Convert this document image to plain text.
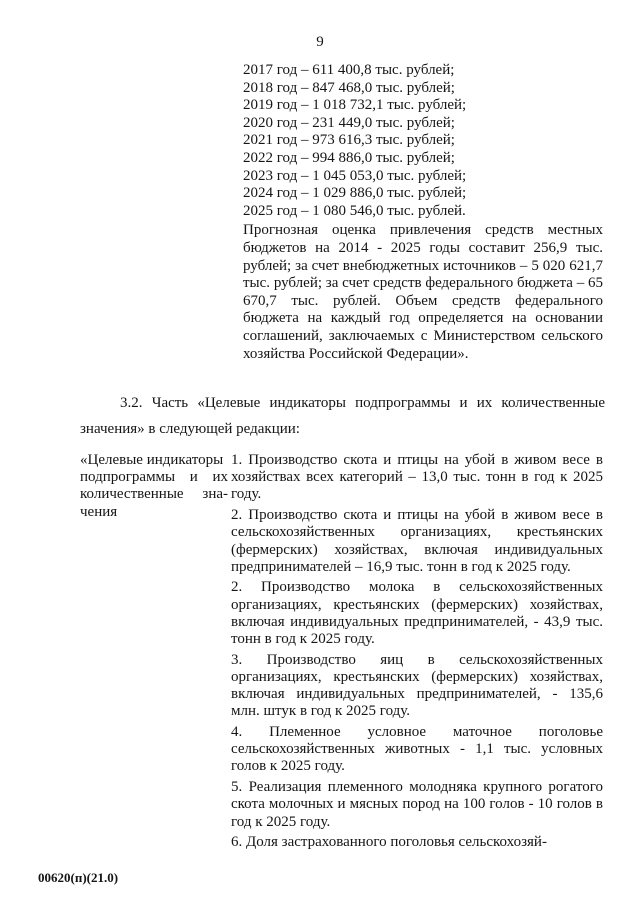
9
2017 год – 611 400,8 тыс. рублей;
2018 год – 847 468,0 тыс. рублей;
2019 год – 1 018 732,1 тыс. рублей;
2020 год – 231 449,0 тыс. рублей;
2021 год – 973 616,3 тыс. рублей;
2022 год – 994 886,0 тыс. рублей;
2023 год – 1 045 053,0 тыс. рублей;
2024 год – 1 029 886,0 тыс. рублей;
2025 год – 1 080 546,0 тыс. рублей.
Прогнозная оценка привлечения средств местных бюджетов на 2014 - 2025 годы составит 256,9 тыс. рублей; за счет внебюджетных источников – 5 020 621,7 тыс. рублей; за счет средств федерального бюджета – 65 670,7 тыс. рублей. Объем средств федерального бюджета на каждый год определяется на основании соглашений, заключаемых с Министерством сельского хозяйства Российской Федерации».
3.2. Часть «Целевые индикаторы подпрограммы и их количественные значения» в следующей редакции:
«Целевые индикаторы
подпрограммы и их
количественные зна-
чения
1. Производство скота и птицы на убой в живом весе в хозяйствах всех категорий – 13,0 тыс. тонн в год к 2025 году.
2. Производство скота и птицы на убой в живом весе в сельскохозяйственных организациях, крестьянских (фермерских) хозяйствах, включая индивидуальных предпринимателей – 16,9 тыс. тонн в год к 2025 году.
2. Производство молока в сельскохозяйственных организациях, крестьянских (фермерских) хозяйствах, включая индивидуальных предпринимателей, - 43,9 тыс. тонн в год к 2025 году.
3. Производство яиц в сельскохозяйственных организациях, крестьянских (фермерских) хозяйствах, включая индивидуальных предпринимателей, - 135,6 млн. штук в год к 2025 году.
4. Племенное условное маточное поголовье сельскохозяйственных животных - 1,1 тыс. условных голов к 2025 году.
5. Реализация племенного молодняка крупного рогатого скота молочных и мясных пород на 100 голов - 10 голов в год к 2025 году.
6. Доля застрахованного поголовья сельскохозяй-
00620(п)(21.0)
